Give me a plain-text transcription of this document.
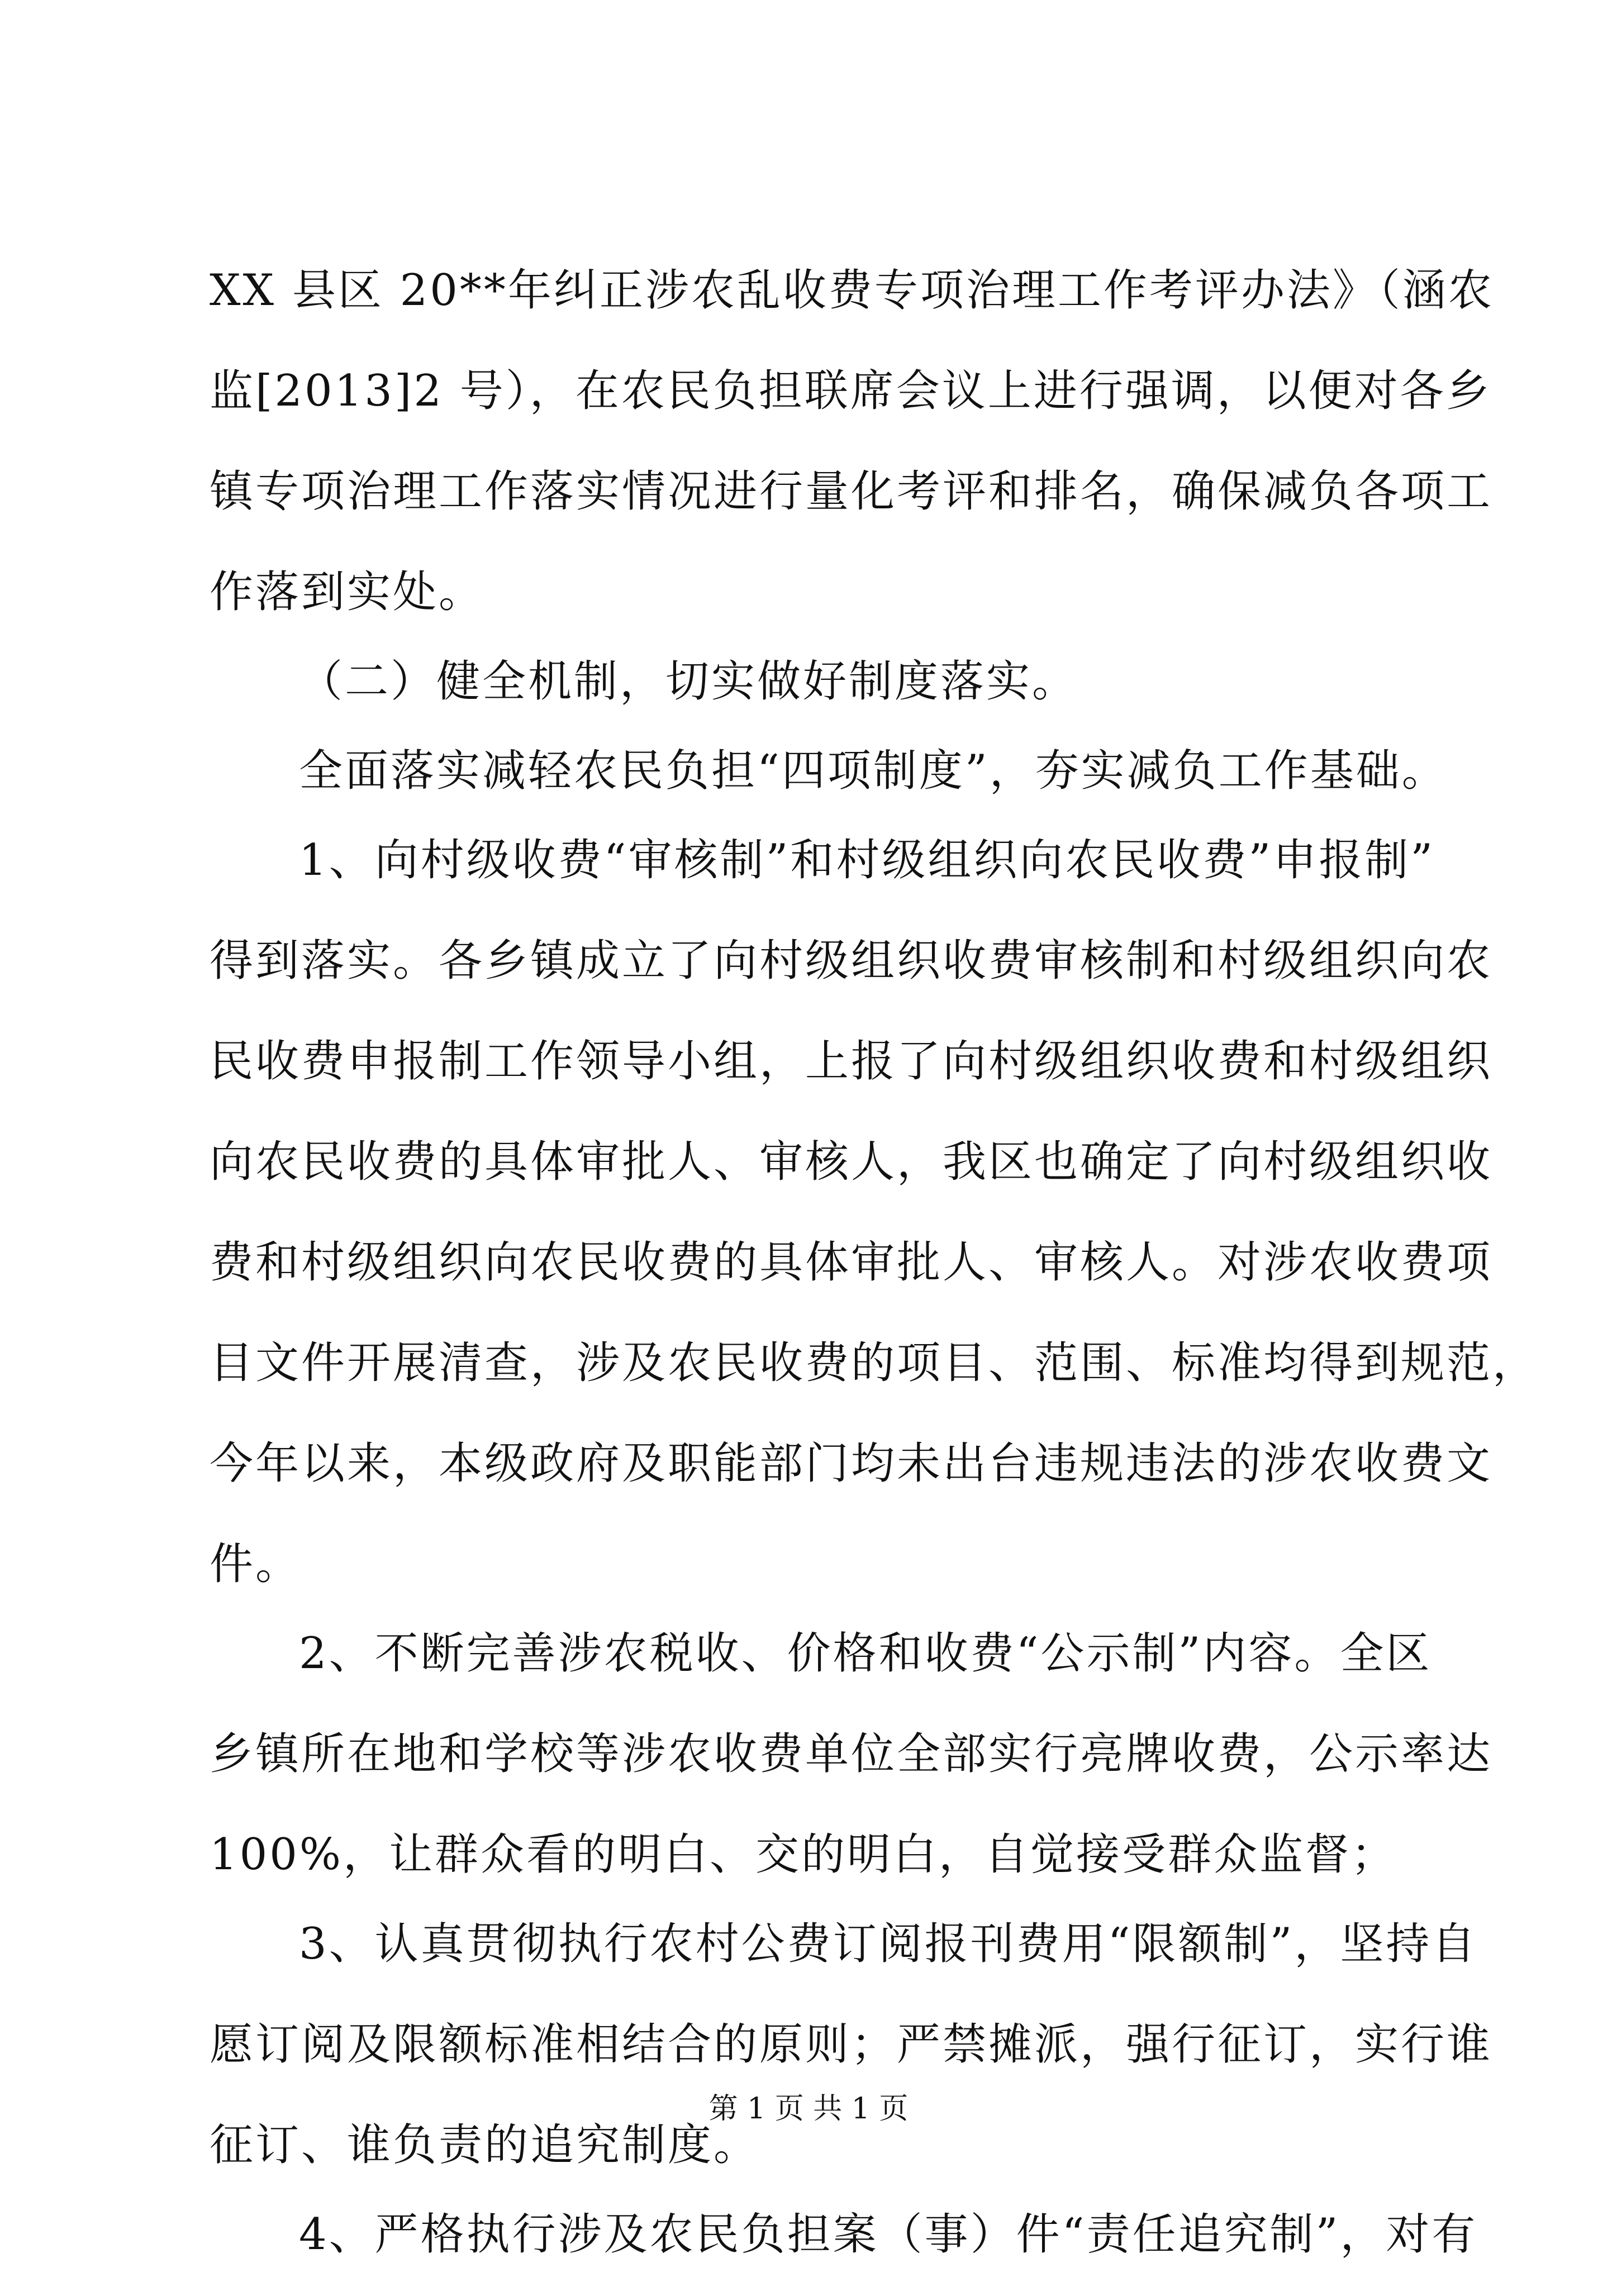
XX 县区 20**年纠正涉农乱收费专项治理工作考评办法》（涵农
监[2013]2 号），在农民负担联席会议上进行强调，以便对各乡
镇专项治理工作落实情况进行量化考评和排名，确保减负各项工
作落到实处。
（二）健全机制，切实做好制度落实。
全面落实减轻农民负担“四项制度”，夯实减负工作基础。
1、向村级收费“审核制”和村级组织向农民收费”申报制”
得到落实。各乡镇成立了向村级组织收费审核制和村级组织向农
民收费申报制工作领导小组，上报了向村级组织收费和村级组织
向农民收费的具体审批人、审核人，我区也确定了向村级组织收
费和村级组织向农民收费的具体审批人、审核人。对涉农收费项
目文件开展清查，涉及农民收费的项目、范围、标准均得到规范，
今年以来，本级政府及职能部门均未出台违规违法的涉农收费文
件。
2、不断完善涉农税收、价格和收费“公示制”内容。全区
乡镇所在地和学校等涉农收费单位全部实行亮牌收费，公示率达
100%，让群众看的明白、交的明白，自觉接受群众监督；
3、认真贯彻执行农村公费订阅报刊费用“限额制”，坚持自
愿订阅及限额标准相结合的原则；严禁摊派，强行征订，实行谁
征订、谁负责的追究制度。
4、严格执行涉及农民负担案（事）件“责任追究制”，对有
第 1 页 共 1 页
